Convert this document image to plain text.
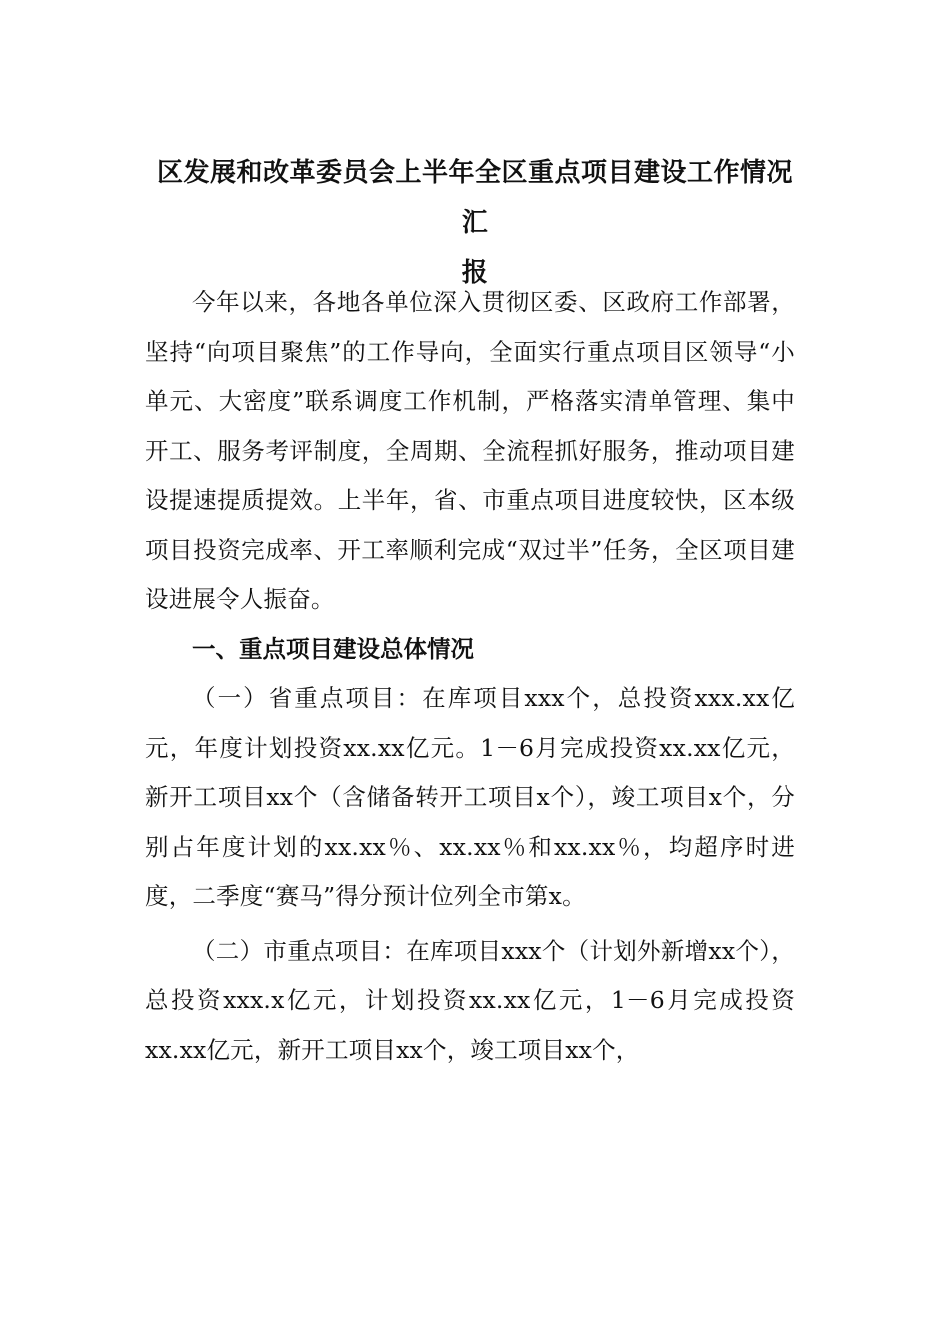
区发展和改革委员会上半年全区重点项目建设工作情况汇
报

今年以来，各地各单位深入贯彻区委、区政府工作部署，坚持“向项目聚焦”的工作导向，全面实行重点项目区领导“小单元、大密度”联系调度工作机制，严格落实清单管理、集中开工、服务考评制度，全周期、全流程抓好服务，推动项目建设提速提质提效。上半年，省、市重点项目进度较快，区本级项目投资完成率、开工率顺利完成“双过半”任务，全区项目建设进展令人振奋。

一、重点项目建设总体情况

（一）省重点项目：在库项目xxx个，总投资xxx.xx亿元，年度计划投资xx.xx亿元。1－6月完成投资xx.xx亿元，新开工项目xx个（含储备转开工项目x个），竣工项目x个，分别占年度计划的xx.xx％、xx.xx％和xx.xx％，均超序时进度，二季度“赛马”得分预计位列全市第x。

（二）市重点项目：在库项目xxx个（计划外新增xx个），总投资xxx.x亿元，计划投资xx.xx亿元，1－6月完成投资xx.xx亿元，新开工项目xx个，竣工项目xx个，
